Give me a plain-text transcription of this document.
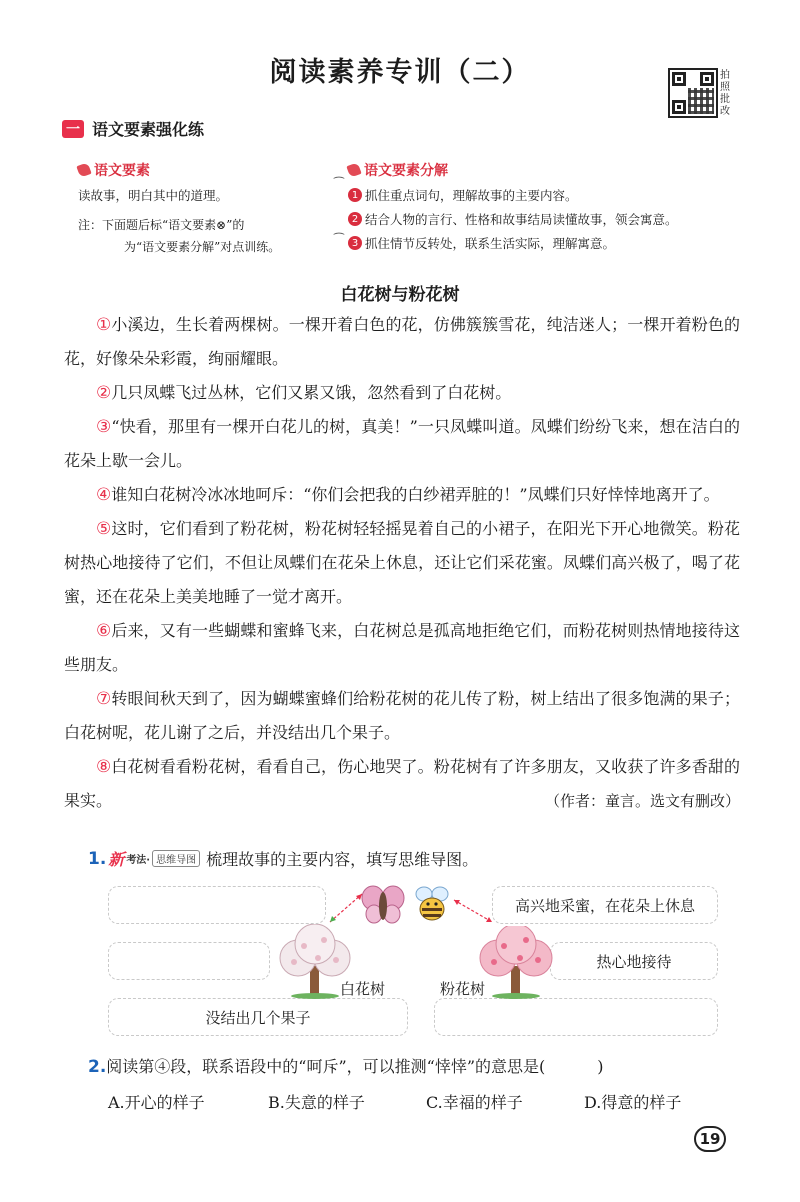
阅读素养专训（二）	拍
照
批
改
一 语文要素强化练
语文要素
读故事，明白其中的道理。
注：下面题后标“语文要素⊗”的
为“语文要素分解”对点训练。
⁀
⁀
语文要素分解
1 抓住重点词句，理解故事的主要内容。
2 结合人物的言行、性格和故事结局读懂故事，领会寓意。
3 抓住情节反转处，联系生活实际，理解寓意。
白花树与粉花树

①小溪边，生长着两棵树。一棵开着白色的花，仿佛簇簇雪花，纯洁迷人；一棵开着粉色的花，好像朵朵彩霞，绚丽耀眼。

②几只凤蝶飞过丛林，它们又累又饿，忽然看到了白花树。

③“快看，那里有一棵开白花儿的树，真美！”一只凤蝶叫道。凤蝶们纷纷飞来，想在洁白的花朵上歇一会儿。

④谁知白花树冷冰冰地呵斥：“你们会把我的白纱裙弄脏的！”凤蝶们只好悻悻地离开了。

⑤这时，它们看到了粉花树，粉花树轻轻摇晃着自己的小裙子，在阳光下开心地微笑。粉花树热心地接待了它们，不但让凤蝶们在花朵上休息，还让它们采花蜜。凤蝶们高兴极了，喝了花蜜，还在花朵上美美地睡了一觉才离开。

⑥后来，又有一些蝴蝶和蜜蜂飞来，白花树总是孤高地拒绝它们，而粉花树则热情地接待这些朋友。

⑦转眼间秋天到了，因为蝴蝶蜜蜂们给粉花树的花儿传了粉，树上结出了很多饱满的果子；白花树呢，花儿谢了之后，并没结出几个果子。

⑧白花树看看粉花树，看看自己，伤心地哭了。粉花树有了许多朋友，又收获了许多香甜的果实。	（作者：童言。选文有删改）

1. 新 考法· 思维导图 梳理故事的主要内容，填写思维导图。
没结出几个果子
高兴地采蜜，在花朵上休息
热心地接待
白花树	粉花树
2.阅读第④段，联系语段中的“呵斥”，可以推测“悻悻”的意思是(	)
A.开心的样子	B.失意的样子	C.幸福的样子	D.得意的样子
19
